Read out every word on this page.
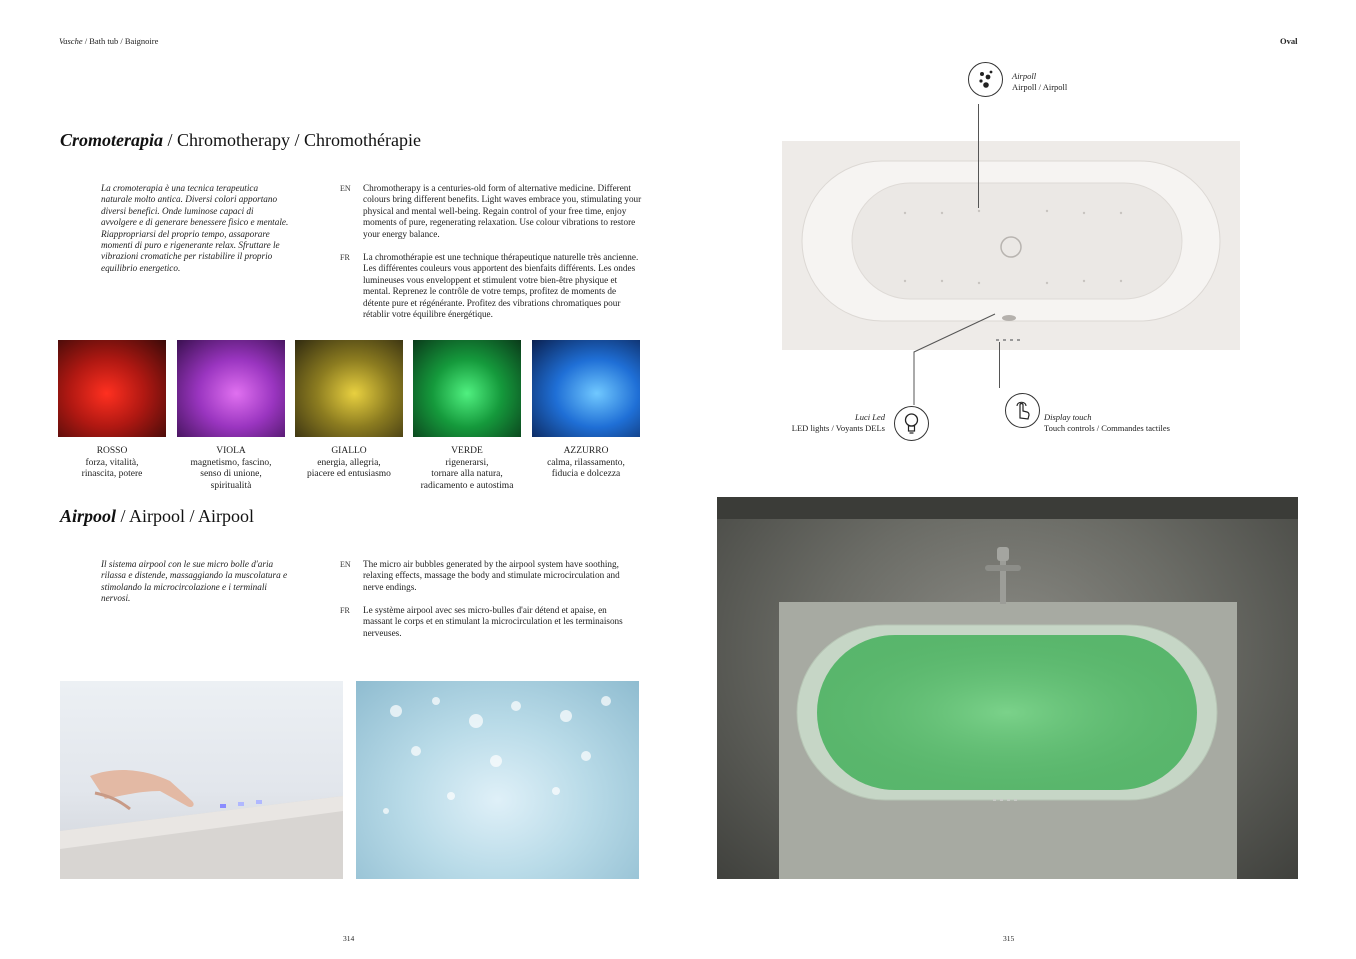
Vasche / Bath tub / Baignoire	Oval
Cromoterapia / Chromotherapy / Chromothérapie
La cromoterapia è una tecnica terapeutica naturale molto antica. Diversi colori apportano diversi benefici. Onde luminose capaci di avvolgere e di generare benessere fisico e mentale. Riappropriarsi del proprio tempo, assaporare momenti di puro e rigenerante relax. Sfruttare le vibrazioni cromatiche per ristabilire il proprio equilibrio energetico.
EN Chromotherapy is a centuries-old form of alternative medicine. Different colours bring different benefits. Light waves embrace you, stimulating your physical and mental well-being. Regain control of your free time, enjoy moments of pure, regenerating relaxation. Use colour vibrations to restore your energy balance.
FR La chromothérapie est une technique thérapeutique naturelle très ancienne. Les différentes couleurs vous apportent des bienfaits différents. Les ondes lumineuses vous enveloppent et stimulent votre bien-être physique et mental. Reprenez le contrôle de votre temps, profitez de moments de détente pure et régénérante. Profitez des vibrations chromatiques pour rétablir votre équilibre énergétique.
ROSSO
forza, vitalità,
rinascita, potere
VIOLA
magnetismo, fascino,
senso di unione,
spiritualità
GIALLO
energia, allegria,
piacere ed entusiasmo
VERDE
rigenerarsi,
tornare alla natura,
radicamento e autostima
AZZURRO
calma, rilassamento,
fiducia e dolcezza
Airpool / Airpool / Airpool
Il sistema airpool con le sue micro bolle d'aria rilassa e distende, massaggiando la muscolatura e stimolando la microcircolazione e i terminali nervosi.
EN The micro air bubbles generated by the airpool system have soothing, relaxing effects, massage the body and stimulate microcirculation and nerve endings.
FR Le système airpool avec ses micro-bulles d'air détend et apaise, en massant le corps et en stimulant la microcirculation et les terminaisons nerveuses.
Airpoll
Airpoll / Airpoll
Luci Led
LED lights / Voyants DELs
Display touch
Touch controls / Commandes tactiles
314	315
